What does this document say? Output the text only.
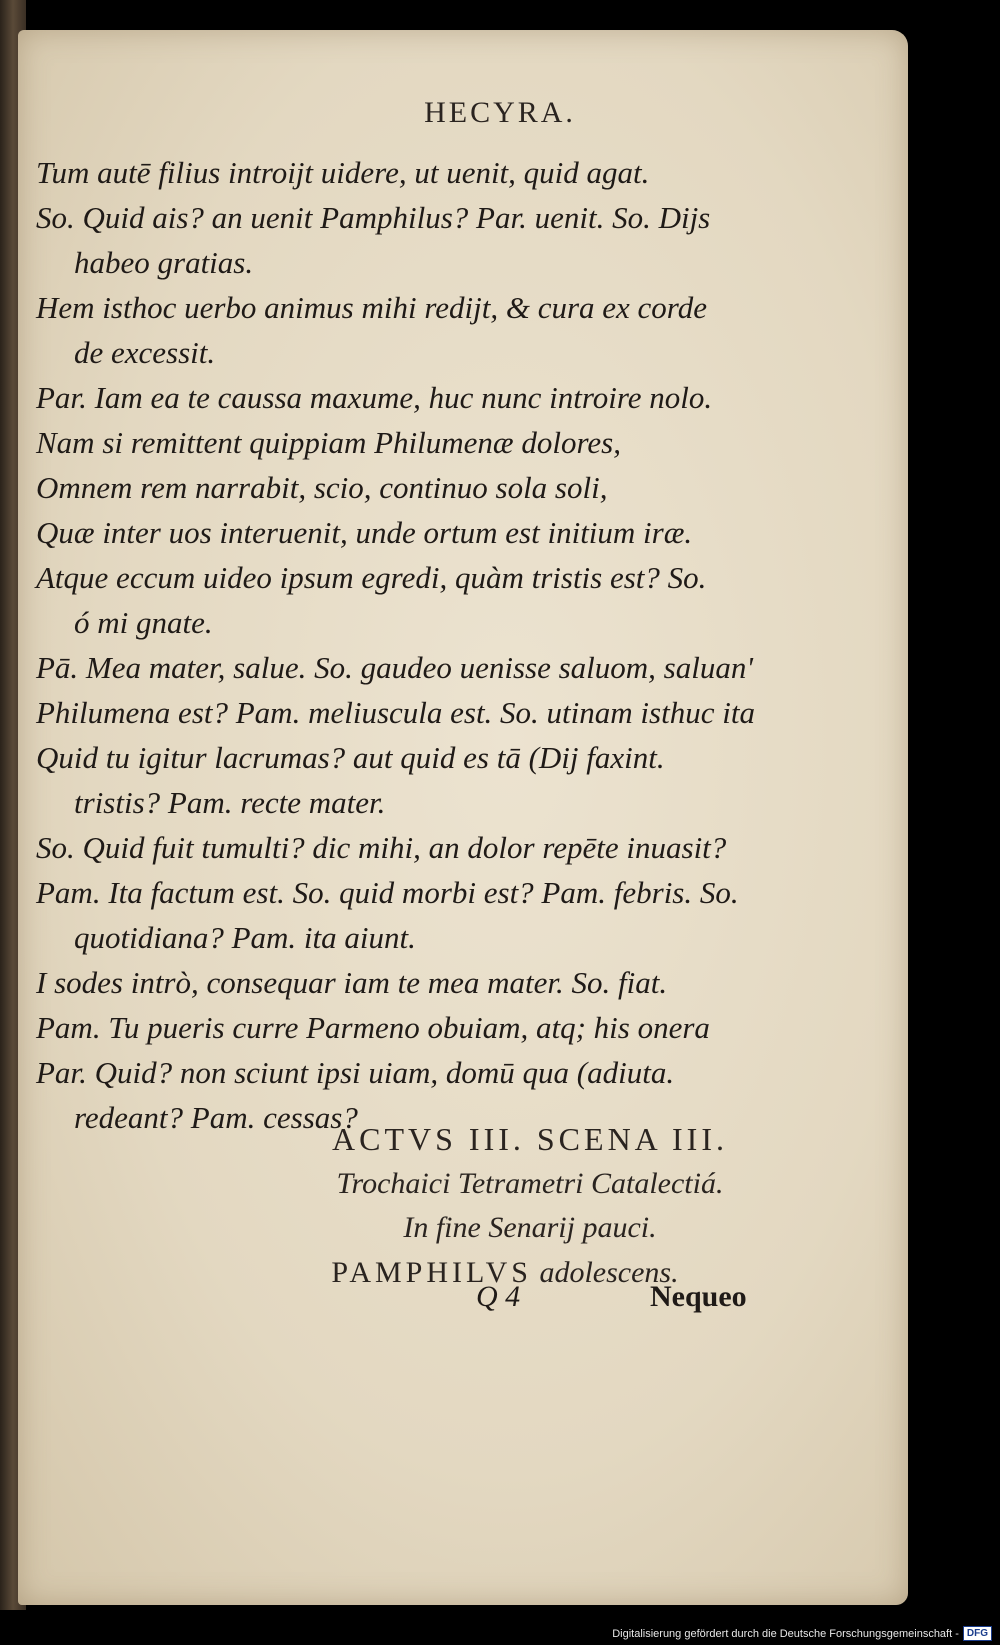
HECYRA.
Tum autē filius introijt uidere, ut uenit, quid agat.
So. Quid ais? an uenit Pamphilus? Par. uenit. So. Dijs
habeo gratias.
Hem isthoc uerbo animus mihi redijt, & cura ex corde
de excessit.
Par. Iam ea te caussa maxume, huc nunc introire nolo.
Nam si remittent quippiam Philumenæ dolores,
Omnem rem narrabit, scio, continuo sola soli,
Quæ inter uos interuenit, unde ortum est initium iræ.
Atque eccum uideo ipsum egredi, quàm tristis est? So.
ó mi gnate.
Pā. Mea mater, salue. So. gaudeo uenisse saluom, saluan'
Philumena est? Pam. meliuscula est. So. utinam isthuc ita
Quid tu igitur lacrumas? aut quid es tā (Dij faxint.
tristis? Pam. recte mater.
So. Quid fuit tumulti? dic mihi, an dolor repēte inuasit?
Pam. Ita factum est. So. quid morbi est? Pam. febris. So.
quotidiana? Pam. ita aiunt.
I sodes intrò, consequar iam te mea mater. So. fiat.
Pam. Tu pueris curre Parmeno obuiam, atq; his onera
Par. Quid? non sciunt ipsi uiam, domū qua (adiuta.
redeant? Pam. cessas?
ACTVS III. SCENA III.
Trochaici Tetrametri Catalectiá.
In fine Senarij pauci.
PAMPHILVS adolescens.
Q 4	Nequeo
Digitalisierung gefördert durch die Deutsche Forschungsgemeinschaft - DFG
